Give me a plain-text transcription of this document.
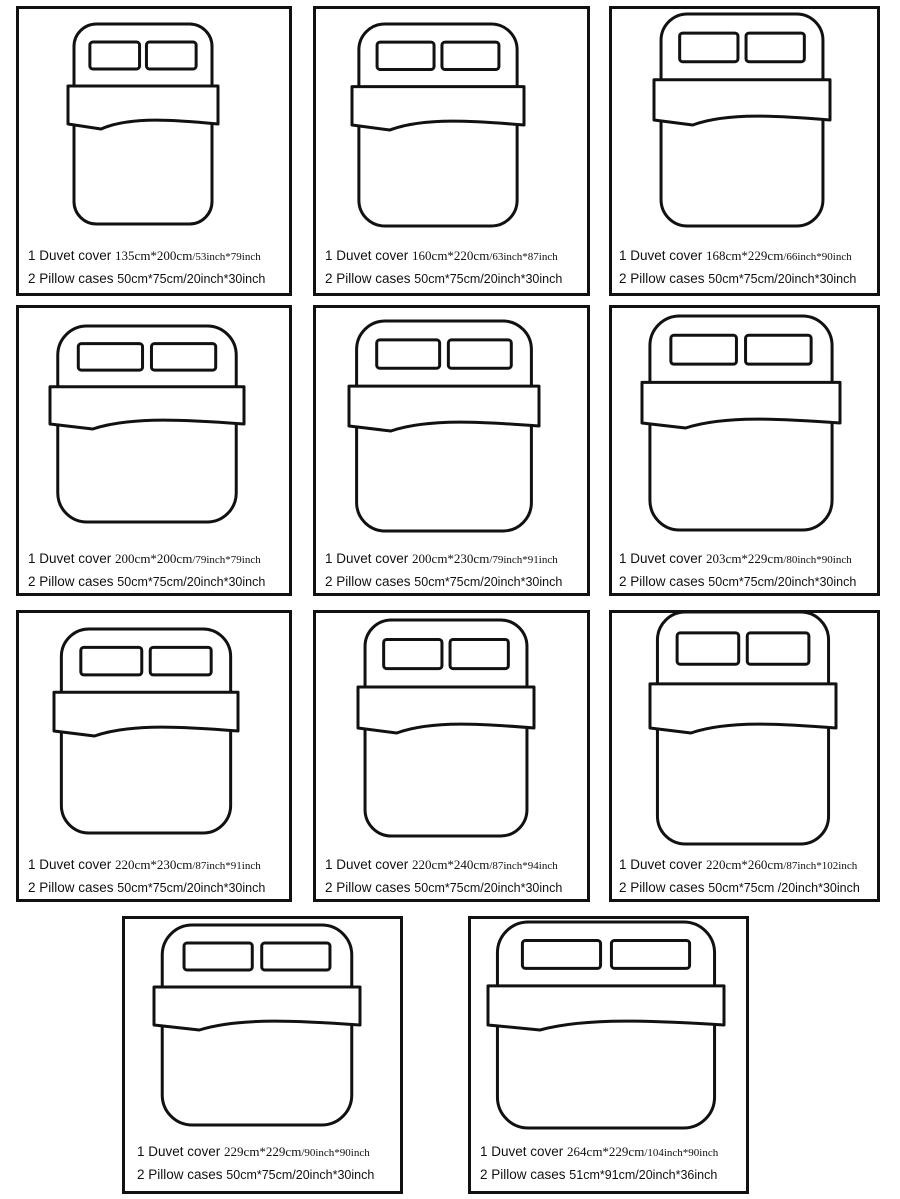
1 Duvet cover 135cm*200cm/53inch*79inch
2 Pillow cases 50cm*75cm/20inch*30inch
1 Duvet cover 160cm*220cm/63inch*87inch
2 Pillow cases 50cm*75cm/20inch*30inch
1 Duvet cover 168cm*229cm/66inch*90inch
2 Pillow cases 50cm*75cm/20inch*30inch
1 Duvet cover 200cm*200cm/79inch*79inch
2 Pillow cases 50cm*75cm/20inch*30inch
1 Duvet cover 200cm*230cm/79inch*91inch
2 Pillow cases 50cm*75cm/20inch*30inch
1 Duvet cover 203cm*229cm/80inch*90inch
2 Pillow cases 50cm*75cm/20inch*30inch
1 Duvet cover 220cm*230cm/87inch*91inch
2 Pillow cases 50cm*75cm/20inch*30inch
1 Duvet cover 220cm*240cm/87inch*94inch
2 Pillow cases 50cm*75cm/20inch*30inch
1 Duvet cover 220cm*260cm/87inch*102inch
2 Pillow cases 50cm*75cm /20inch*30inch
1 Duvet cover 229cm*229cm/90inch*90inch
2 Pillow cases 50cm*75cm/20inch*30inch
1 Duvet cover 264cm*229cm/104inch*90inch
2 Pillow cases 51cm*91cm/20inch*36inch
